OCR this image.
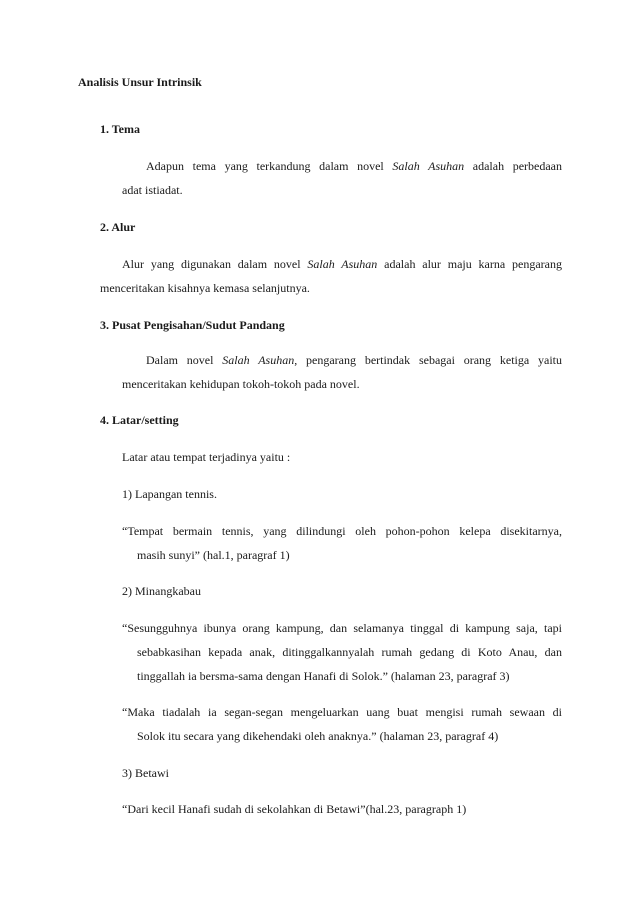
Analisis Unsur Intrinsik
1. Tema
Adapun tema yang terkandung dalam novel Salah Asuhan adalah perbedaan
adat istiadat.
2. Alur
Alur yang digunakan dalam novel Salah Asuhan adalah alur maju karna pengarang
menceritakan kisahnya kemasa selanjutnya.
3. Pusat Pengisahan/Sudut Pandang
Dalam novel Salah Asuhan, pengarang bertindak sebagai orang ketiga yaitu
menceritakan kehidupan tokoh-tokoh pada novel.
4. Latar/setting
Latar atau tempat terjadinya yaitu :
1) Lapangan tennis.
“Tempat bermain tennis, yang dilindungi oleh pohon-pohon kelepa disekitarnya,
masih sunyi” (hal.1, paragraf 1)
2) Minangkabau
“Sesungguhnya ibunya orang kampung, dan selamanya tinggal di kampung saja, tapi
sebabkasihan kepada anak, ditinggalkannyalah rumah gedang di Koto Anau, dan
tinggallah ia bersma-sama dengan Hanafi di Solok.” (halaman 23, paragraf 3)
“Maka tiadalah ia segan-segan mengeluarkan uang buat mengisi rumah sewaan di
Solok itu secara yang dikehendaki oleh anaknya.” (halaman 23, paragraf 4)
3) Betawi
“Dari kecil Hanafi sudah di sekolahkan di Betawi”(hal.23, paragraph 1)
